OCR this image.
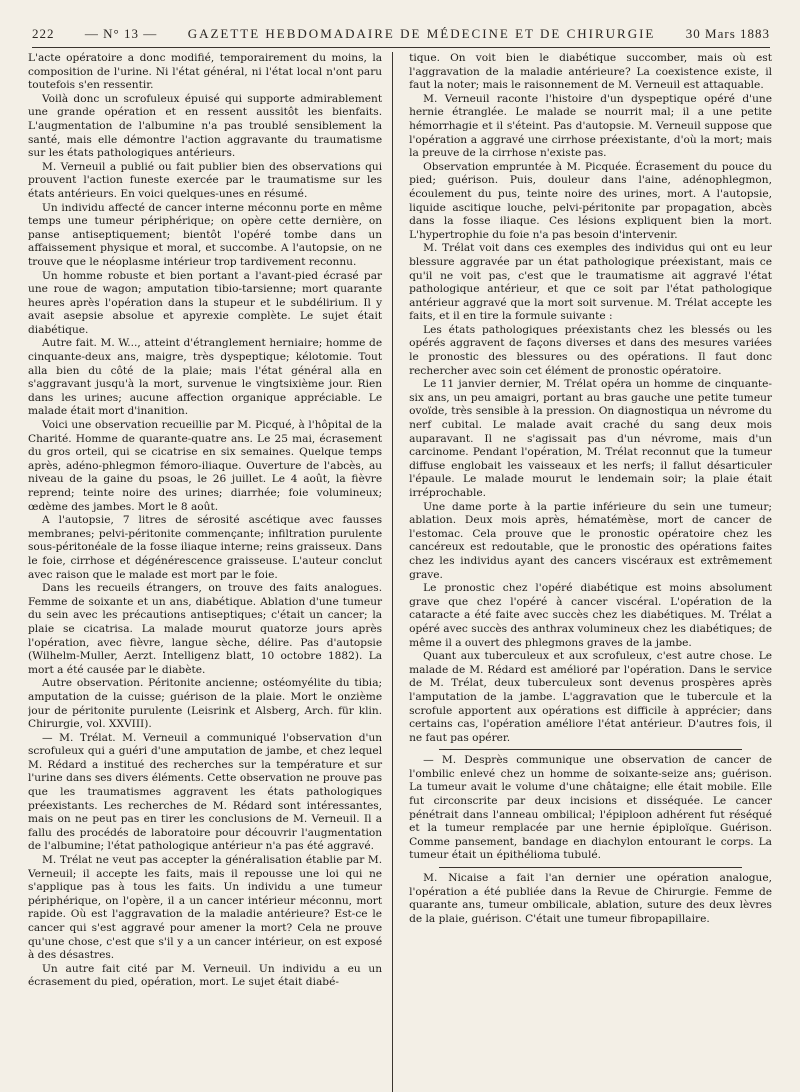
222 — N° 13 — GAZETTE HEBDOMADAIRE DE MÉDECINE ET DE CHIRURGIE 30 Mars 1883

L'acte opératoire a donc modifié, temporairement du moins, la composition de l'urine. Ni l'état général, ni l'état local n'ont paru toutefois s'en ressentir.

Voilà donc un scrofuleux épuisé qui supporte admirablement une grande opération et en ressent aussitôt les bienfaits. L'augmentation de l'albumine n'a pas troublé sensiblement la santé, mais elle démontre l'action aggravante du traumatisme sur les états pathologiques antérieurs.

M. Verneuil a publié ou fait publier bien des observations qui prouvent l'action funeste exercée par le traumatisme sur les états antérieurs. En voici quelques-unes en résumé.

Un individu affecté de cancer interne méconnu porte en même temps une tumeur périphérique; on opère cette dernière, on panse antiseptiquement; bientôt l'opéré tombe dans un affaissement physique et moral, et succombe. A l'autopsie, on ne trouve que le néoplasme intérieur trop tardivement reconnu.

Un homme robuste et bien portant a l'avant-pied écrasé par une roue de wagon; amputation tibio-tarsienne; mort quarante heures après l'opération dans la stupeur et le subdélirium. Il y avait asepsie absolue et apyrexie complète. Le sujet était diabétique.

Autre fait. M. W..., atteint d'étranglement herniaire; homme de cinquante-deux ans, maigre, très dyspeptique; kélotomie. Tout alla bien du côté de la plaie; mais l'état général alla en s'aggravant jusqu'à la mort, survenue le vingtsixième jour. Rien dans les urines; aucune affection organique appréciable. Le malade était mort d'inanition.

Voici une observation recueillie par M. Picqué, à l'hôpital de la Charité. Homme de quarante-quatre ans. Le 25 mai, écrasement du gros orteil, qui se cicatrise en six semaines. Quelque temps après, adéno-phlegmon fémoro-iliaque. Ouverture de l'abcès, au niveau de la gaine du psoas, le 26 juillet. Le 4 août, la fièvre reprend; teinte noire des urines; diarrhée; foie volumineux; œdème des jambes. Mort le 8 août.

A l'autopsie, 7 litres de sérosité ascétique avec fausses membranes; pelvi-péritonite commençante; infiltration purulente sous-péritonéale de la fosse iliaque interne; reins graisseux. Dans le foie, cirrhose et dégénérescence graisseuse. L'auteur conclut avec raison que le malade est mort par le foie.

Dans les recueils étrangers, on trouve des faits analogues. Femme de soixante et un ans, diabétique. Ablation d'une tumeur du sein avec les précautions antiseptiques; c'était un cancer; la plaie se cicatrisa. La malade mourut quatorze jours après l'opération, avec fièvre, langue sèche, délire. Pas d'autopsie (Wilhelm-Muller, Aerzt. Intelligenz blatt, 10 octobre 1882). La mort a été causée par le diabète.

Autre observation. Péritonite ancienne; ostéomyélite du tibia; amputation de la cuisse; guérison de la plaie. Mort le onzième jour de péritonite purulente (Leisrink et Alsberg, Arch. für klin. Chirurgie, vol. XXVIII).

— M. Trélat. M. Verneuil a communiqué l'observation d'un scrofuleux qui a guéri d'une amputation de jambe, et chez lequel M. Rédard a institué des recherches sur la température et sur l'urine dans ses divers éléments. Cette observation ne prouve pas que les traumatismes aggravent les états pathologiques préexistants. Les recherches de M. Rédard sont intéressantes, mais on ne peut pas en tirer les conclusions de M. Verneuil. Il a fallu des procédés de laboratoire pour découvrir l'augmentation de l'albumine; l'état pathologique antérieur n'a pas été aggravé.

M. Trélat ne veut pas accepter la généralisation établie par M. Verneuil; il accepte les faits, mais il repousse une loi qui ne s'applique pas à tous les faits. Un individu a une tumeur périphérique, on l'opère, il a un cancer intérieur méconnu, mort rapide. Où est l'aggravation de la maladie antérieure? Est-ce le cancer qui s'est aggravé pour amener la mort? Cela ne prouve qu'une chose, c'est que s'il y a un cancer intérieur, on est exposé à des désastres.

Un autre fait cité par M. Verneuil. Un individu a eu un écrasement du pied, opération, mort. Le sujet était diabé-

tique. On voit bien le diabétique succomber, mais où est l'aggravation de la maladie antérieure? La coexistence existe, il faut la noter; mais le raisonnement de M. Verneuil est attaquable.

M. Verneuil raconte l'histoire d'un dyspeptique opéré d'une hernie étranglée. Le malade se nourrit mal; il a une petite hémorrhagie et il s'éteint. Pas d'autopsie. M. Verneuil suppose que l'opération a aggravé une cirrhose préexistante, d'où la mort; mais la preuve de la cirrhose n'existe pas.

Observation empruntée à M. Picquée. Écrasement du pouce du pied; guérison. Puis, douleur dans l'aine, adénophlegmon, écoulement du pus, teinte noire des urines, mort. A l'autopsie, liquide ascitique louche, pelvi-péritonite par propagation, abcès dans la fosse iliaque. Ces lésions expliquent bien la mort. L'hypertrophie du foie n'a pas besoin d'intervenir.

M. Trélat voit dans ces exemples des individus qui ont eu leur blessure aggravée par un état pathologique préexistant, mais ce qu'il ne voit pas, c'est que le traumatisme ait aggravé l'état pathologique antérieur, et que ce soit par l'état pathologique antérieur aggravé que la mort soit survenue. M. Trélat accepte les faits, et il en tire la formule suivante :

Les états pathologiques préexistants chez les blessés ou les opérés aggravent de façons diverses et dans des mesures variées le pronostic des blessures ou des opérations. Il faut donc rechercher avec soin cet élément de pronostic opératoire.

Le 11 janvier dernier, M. Trélat opéra un homme de cinquante-six ans, un peu amaigri, portant au bras gauche une petite tumeur ovoïde, très sensible à la pression. On diagnostiqua un névrome du nerf cubital. Le malade avait craché du sang deux mois auparavant. Il ne s'agissait pas d'un névrome, mais d'un carcinome. Pendant l'opération, M. Trélat reconnut que la tumeur diffuse englobait les vaisseaux et les nerfs; il fallut désarticuler l'épaule. Le malade mourut le lendemain soir; la plaie était irréprochable.

Une dame porte à la partie inférieure du sein une tumeur; ablation. Deux mois après, hématémèse, mort de cancer de l'estomac. Cela prouve que le pronostic opératoire chez les cancéreux est redoutable, que le pronostic des opérations faites chez les individus ayant des cancers viscéraux est extrêmement grave.

Le pronostic chez l'opéré diabétique est moins absolument grave que chez l'opéré à cancer viscéral. L'opération de la cataracte a été faite avec succès chez les diabétiques. M. Trélat a opéré avec succès des anthrax volumineux chez les diabétiques; de même il a ouvert des phlegmons graves de la jambe.

Quant aux tuberculeux et aux scrofuleux, c'est autre chose. Le malade de M. Rédard est amélioré par l'opération. Dans le service de M. Trélat, deux tuberculeux sont devenus prospères après l'amputation de la jambe. L'aggravation que le tubercule et la scrofule apportent aux opérations est difficile à apprécier; dans certains cas, l'opération améliore l'état antérieur. D'autres fois, il ne faut pas opérer.

— M. Desprès communique une observation de cancer de l'ombilic enlevé chez un homme de soixante-seize ans; guérison. La tumeur avait le volume d'une châtaigne; elle était mobile. Elle fut circonscrite par deux incisions et disséquée. Le cancer pénétrait dans l'anneau ombilical; l'épiploon adhérent fut réséqué et la tumeur remplacée par une hernie épiploïque. Guérison. Comme pansement, bandage en diachylon entourant le corps. La tumeur était un épithélioma tubulé.

M. Nicaise a fait l'an dernier une opération analogue, l'opération a été publiée dans la Revue de Chirurgie. Femme de quarante ans, tumeur ombilicale, ablation, suture des deux lèvres de la plaie, guérison. C'était une tumeur fibropapillaire.
